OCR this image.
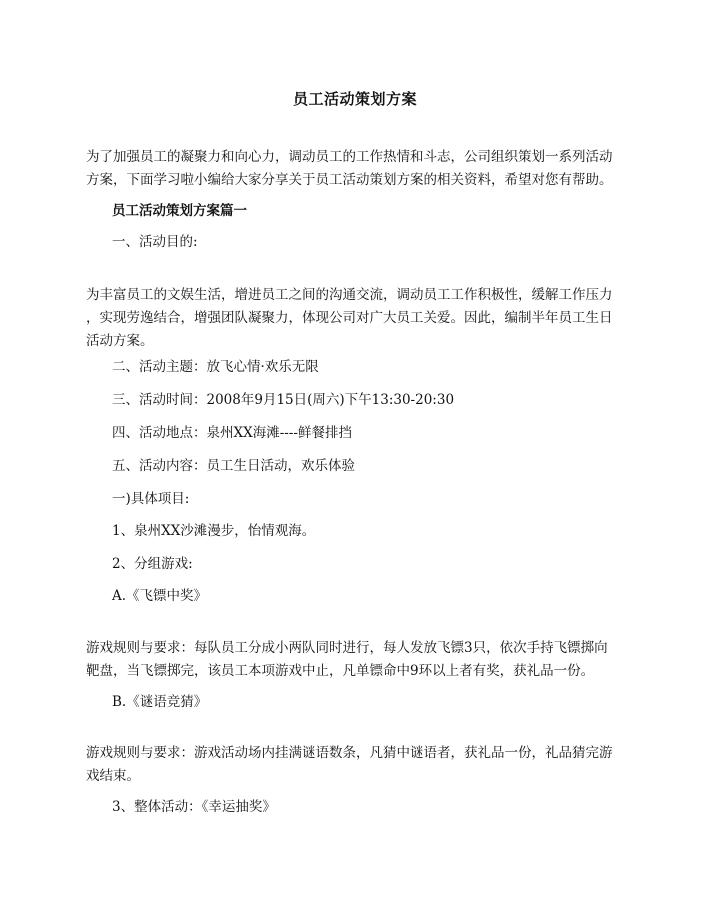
员工活动策划方案
为了加强员工的凝聚力和向心力，调动员工的工作热情和斗志，公司组织策划一系列活动
方案，下面学习啦小编给大家分享关于员工活动策划方案的相关资料，希望对您有帮助。
员工活动策划方案篇一
一、活动目的:
为丰富员工的文娱生活，增进员工之间的沟通交流，调动员工工作积极性，缓解工作压力
，实现劳逸结合，增强团队凝聚力，体现公司对广大员工关爱。因此，编制半年员工生日
活动方案。
二、活动主题：放飞心情·欢乐无限
三、活动时间：2008年9月15日(周六)下午13:30-20:30
四、活动地点：泉州XX海滩----鲜餐排挡
五、活动内容：员工生日活动，欢乐体验
一)具体项目:
1、泉州XX沙滩漫步，怡情观海。
2、分组游戏:
A.《飞镖中奖》
游戏规则与要求：每队员工分成小两队同时进行，每人发放飞镖3只，依次手持飞镖掷向
靶盘，当飞镖掷完，该员工本项游戏中止，凡单镖命中9环以上者有奖，获礼品一份。
B.《谜语竞猜》
游戏规则与要求：游戏活动场内挂满谜语数条，凡猜中谜语者，获礼品一份，礼品猜完游
戏结束。
3、整体活动：《幸运抽奖》
